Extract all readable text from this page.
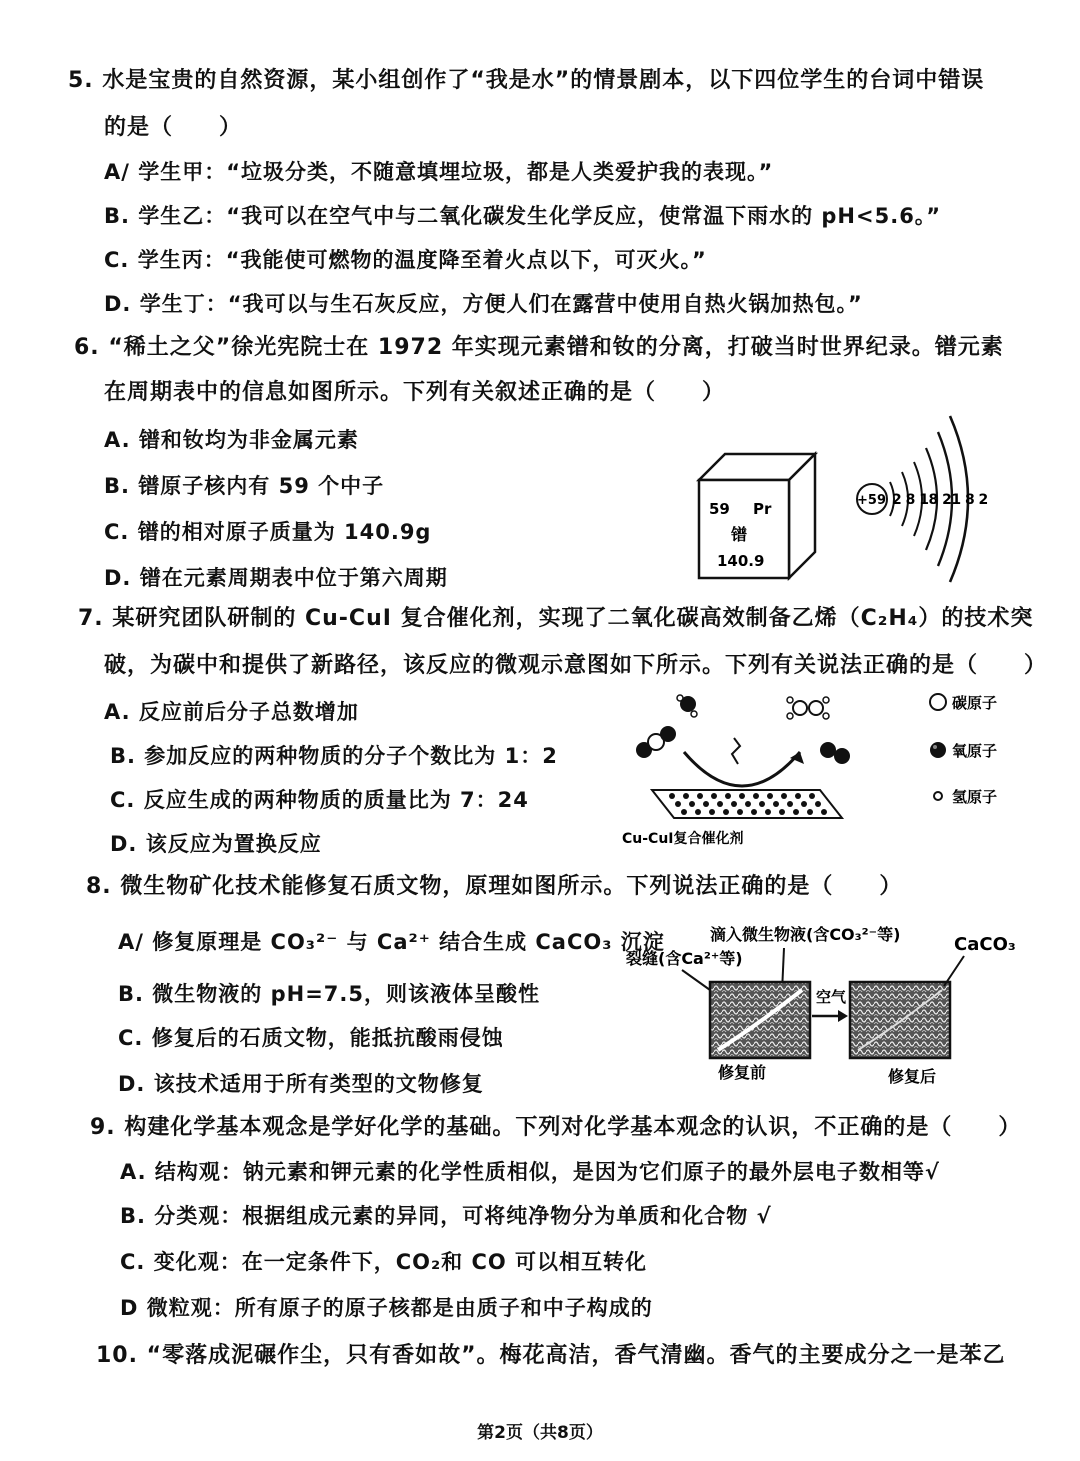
5. 水是宝贵的自然资源，某小组创作了“我是水”的情景剧本，以下四位学生的台词中错误
的是（　　）
A/ 学生甲：“垃圾分类，不随意填埋垃圾，都是人类爱护我的表现。”
B. 学生乙：“我可以在空气中与二氧化碳发生化学反应，使常温下雨水的 pH<5.6。”
C. 学生丙：“我能使可燃物的温度降至着火点以下，可灭火。”
D. 学生丁：“我可以与生石灰反应，方便人们在露营中使用自热火锅加热包。”
6. “稀土之父”徐光宪院士在 1972 年实现元素镨和钕的分离，打破当时世界纪录。镨元素
在周期表中的信息如图所示。下列有关叙述正确的是（　　）
A. 镨和钕均为非金属元素
B. 镨原子核内有 59 个中子
C. 镨的相对原子质量为 140.9g
D. 镨在元素周期表中位于第六周期
59 Pr
镨
140.9
+59 2 8 18 21 8 2
7. 某研究团队研制的 Cu-CuI 复合催化剂，实现了二氧化碳高效制备乙烯（C₂H₄）的技术突
破，为碳中和提供了新路径，该反应的微观示意图如下所示。下列有关说法正确的是（　　）
A. 反应前后分子总数增加
B. 参加反应的两种物质的分子个数比为 1：2
C. 反应生成的两种物质的质量比为 7：24
D. 该反应为置换反应	Cu-CuI复合催化剂
碳原子
氧原子
氢原子
8. 微生物矿化技术能修复石质文物，原理如图所示。下列说法正确的是（　　）
A/ 修复原理是 CO₃²⁻ 与 Ca²⁺ 结合生成 CaCO₃ 沉淀
B. 微生物液的 pH=7.5，则该液体呈酸性
C. 修复后的石质文物，能抵抗酸雨侵蚀
D. 该技术适用于所有类型的文物修复
滴入微生物液(含CO₃²⁻等)
裂缝(含Ca²⁺等)
CaCO₃
空气
修复前	修复后
9. 构建化学基本观念是学好化学的基础。下列对化学基本观念的认识，不正确的是（　　）
A. 结构观：钠元素和钾元素的化学性质相似，是因为它们原子的最外层电子数相等√
B. 分类观：根据组成元素的异同，可将纯净物分为单质和化合物 √
C. 变化观：在一定条件下，CO₂和 CO 可以相互转化
D 微粒观：所有原子的原子核都是由质子和中子构成的
10. “零落成泥碾作尘，只有香如故”。梅花高洁，香气清幽。香气的主要成分之一是苯乙
第2页（共8页）
